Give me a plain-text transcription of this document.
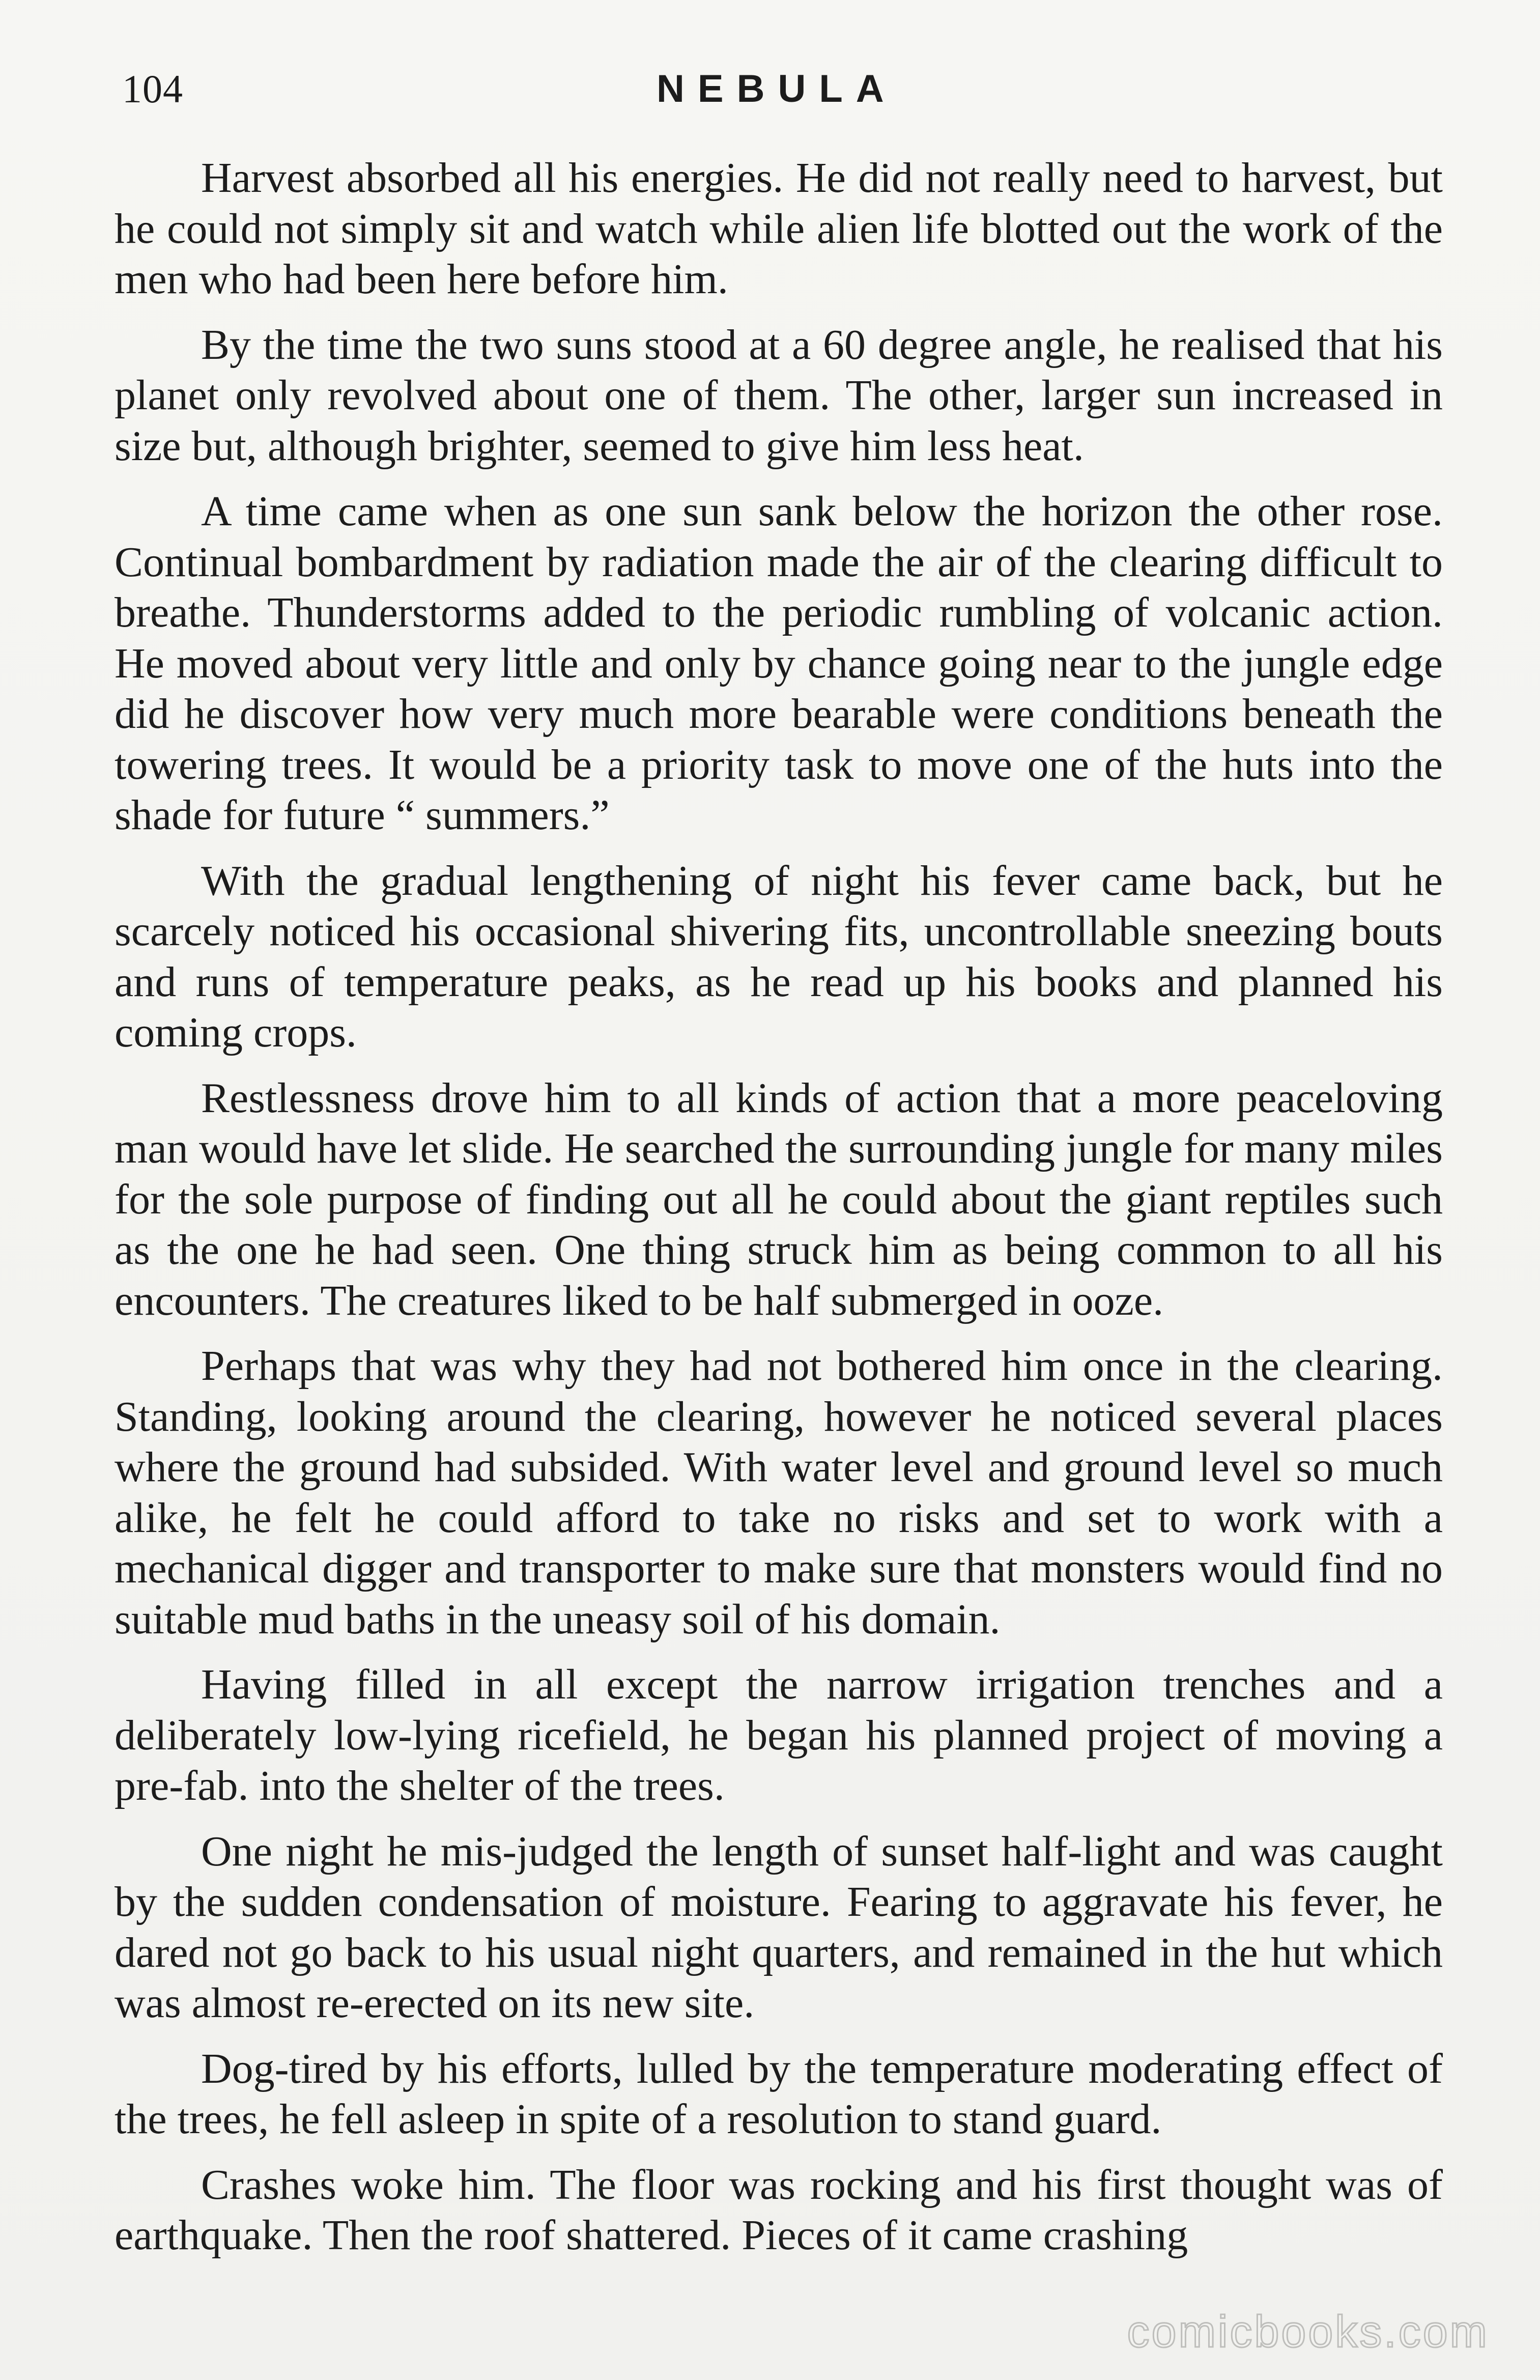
104	NEBULA

Harvest absorbed all his energies. He did not really need to harvest, but he could not simply sit and watch while alien life blotted out the work of the men who had been here before him.

By the time the two suns stood at a 60 degree angle, he realised that his planet only revolved about one of them. The other, larger sun increased in size but, although brighter, seemed to give him less heat.

A time came when as one sun sank below the horizon the other rose. Continual bombardment by radiation made the air of the clearing difficult to breathe. Thunderstorms added to the periodic rumbling of volcanic action. He moved about very little and only by chance going near to the jungle edge did he discover how very much more bearable were conditions beneath the towering trees. It would be a priority task to move one of the huts into the shade for future “ summers.”

With the gradual lengthening of night his fever came back, but he scarcely noticed his occasional shivering fits, uncontrollable sneezing bouts and runs of temperature peaks, as he read up his books and planned his coming crops.

Restlessness drove him to all kinds of action that a more peaceloving man would have let slide. He searched the surrounding jungle for many miles for the sole purpose of finding out all he could about the giant reptiles such as the one he had seen. One thing struck him as being common to all his encounters. The creatures liked to be half submerged in ooze.

Perhaps that was why they had not bothered him once in the clearing. Standing, looking around the clearing, however he noticed several places where the ground had subsided. With water level and ground level so much alike, he felt he could afford to take no risks and set to work with a mechanical digger and transporter to make sure that monsters would find no suitable mud baths in the uneasy soil of his domain.

Having filled in all except the narrow irrigation trenches and a deliberately low-lying ricefield, he began his planned project of moving a pre-fab. into the shelter of the trees.

One night he mis-judged the length of sunset half-light and was caught by the sudden condensation of moisture. Fearing to aggravate his fever, he dared not go back to his usual night quarters, and remained in the hut which was almost re-erected on its new site.

Dog-tired by his efforts, lulled by the temperature moderating effect of the trees, he fell asleep in spite of a resolution to stand guard.

Crashes woke him. The floor was rocking and his first thought was of earthquake. Then the roof shattered. Pieces of it came crashing

comicbooks.com
